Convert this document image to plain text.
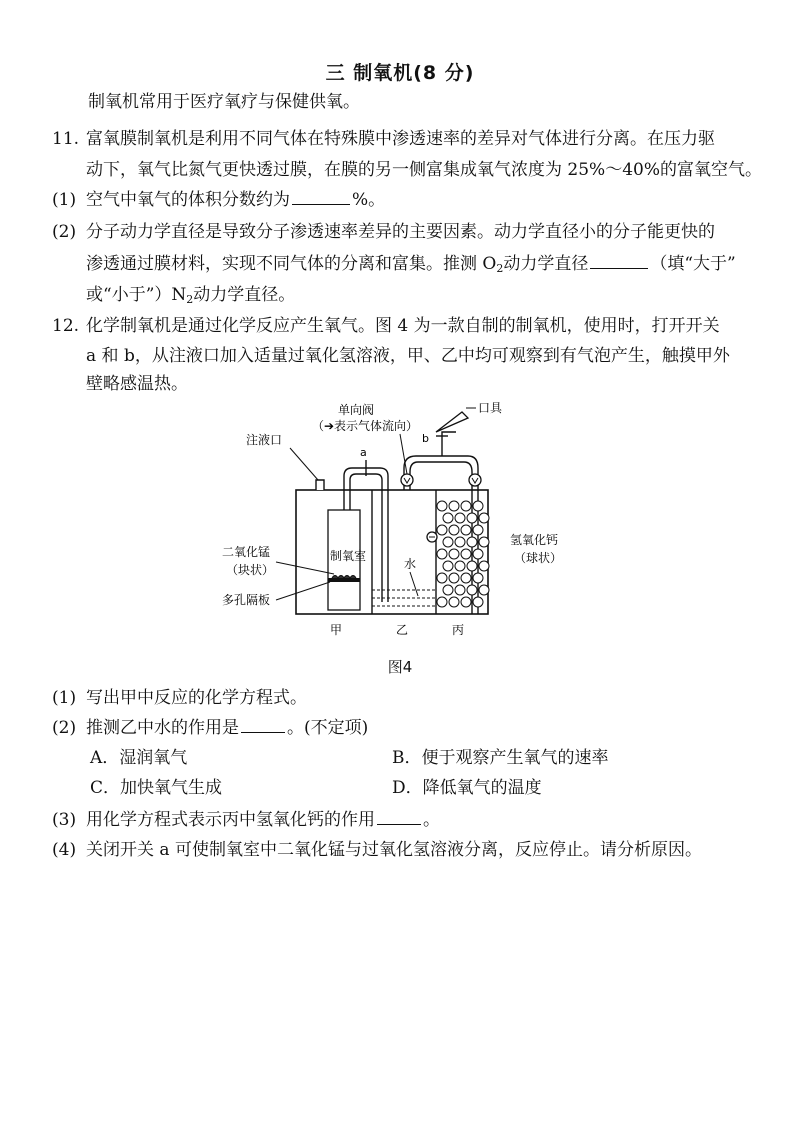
三 制氧机(8 分)
制氧机常用于医疗氧疗与保健供氧。
11. 富氧膜制氧机是利用不同气体在特殊膜中渗透速率的差异对气体进行分离。在压力驱
动下，氧气比氮气更快透过膜，在膜的另一侧富集成氧气浓度为 25%～40%的富氧空气。
(1) 空气中氧气的体积分数约为	%。
(2) 分子动力学直径是导致分子渗透速率差异的主要因素。动力学直径小的分子能更快的
渗透通过膜材料，实现不同气体的分离和富集。推测 $O_2$动力学直径	（填“大于”
或“小于$”)N_2$动力学直径。
12. 化学制氧机是通过化学反应产生氧气。图 4 为一款自制的制氧机，使用时，打开开关
a 和 b，从注液口加入适量过氧化氢溶液，甲、乙中均可观察到有气泡产生，触摸甲外
壁略感温热。
a
b
单向阀
（➔表示气体流向）
口具
注液口
二氧化锰
（块状）
制氧室
水
氢氧化钙
（球状）
多孔隔板
甲	乙	丙
图4
(1) 写出甲中反应的化学方程式。
(2) 推测乙中水的作用是	。(不定项)
A．湿润氧气	B．便于观察产生氧气的速率
C．加快氧气生成	D．降低氧气的温度
(3) 用化学方程式表示丙中氢氧化钙的作用	。
(4) 关闭开关 a 可使制氧室中二氧化锰与过氧化氢溶液分离，反应停止。请分析原因。
